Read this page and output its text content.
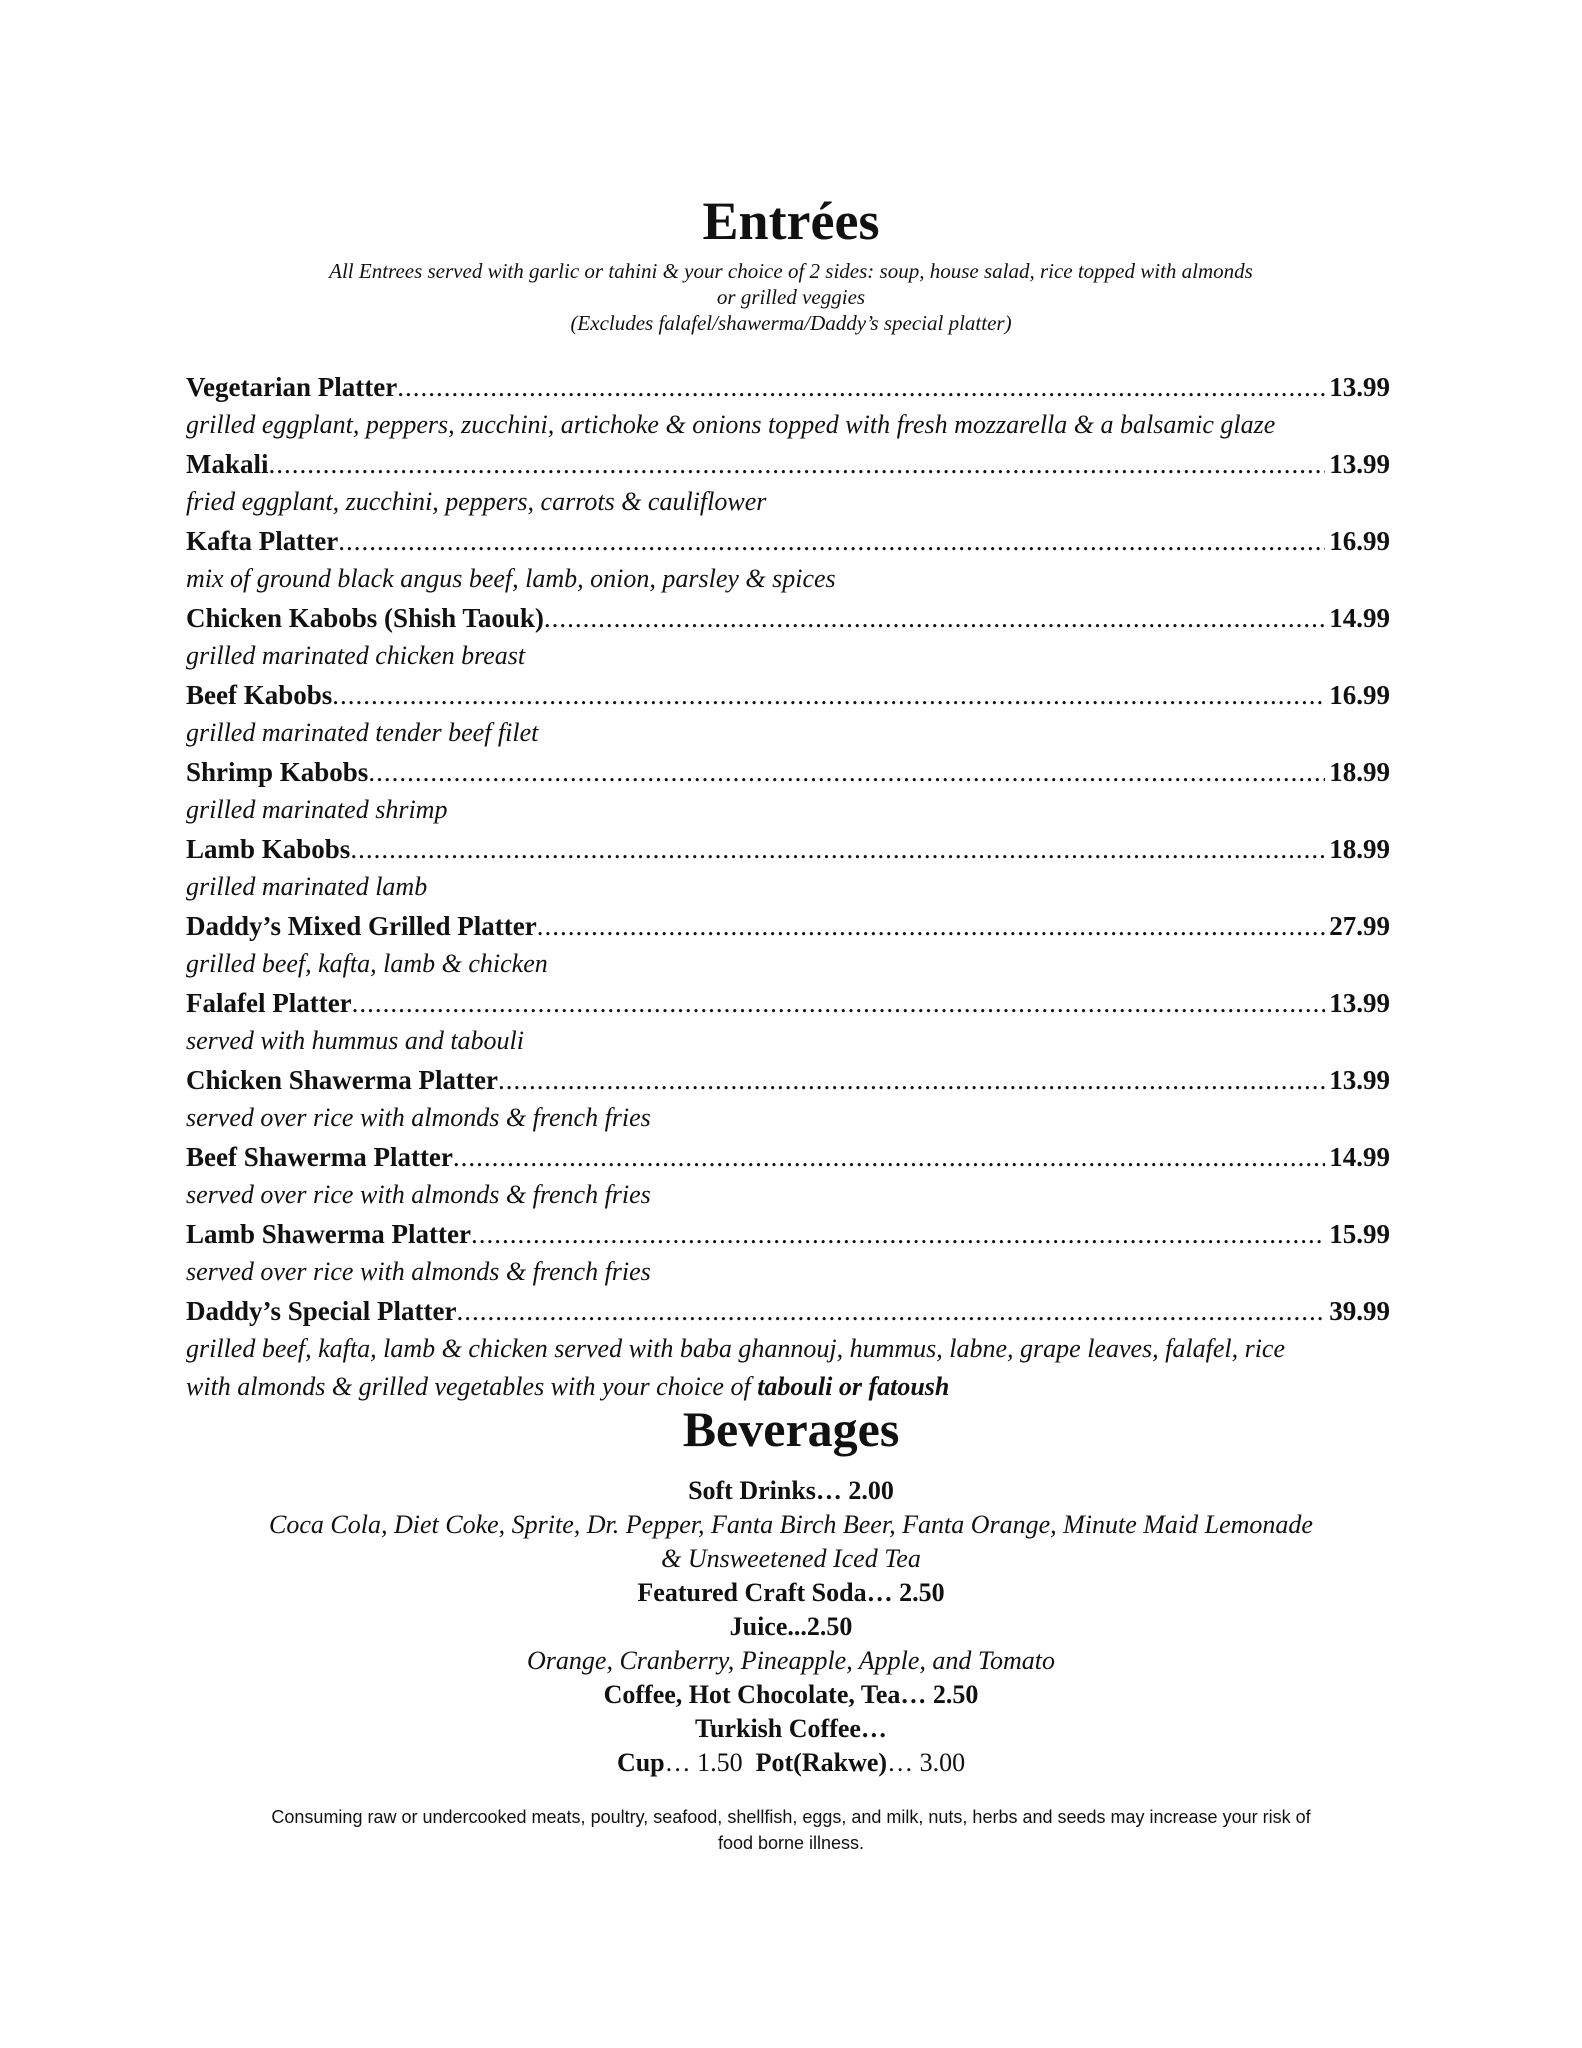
Entrées
All Entrees served with garlic or tahini & your choice of 2 sides: soup, house salad, rice topped with almonds
or grilled veggies
(Excludes falafel/shawerma/Daddy’s special platter)
Vegetarian Platter .....	13.99
grilled eggplant, peppers, zucchini, artichoke & onions topped with fresh mozzarella & a balsamic glaze
Makali .....	13.99
fried eggplant, zucchini, peppers, carrots & cauliflower
Kafta Platter .....	16.99
mix of ground black angus beef, lamb, onion, parsley & spices
Chicken Kabobs (Shish Taouk) .....	14.99
grilled marinated chicken breast
Beef Kabobs .....	16.99
grilled marinated tender beef filet
Shrimp Kabobs .....	18.99
grilled marinated shrimp
Lamb Kabobs .....	18.99
grilled marinated lamb
Daddy’s Mixed Grilled Platter .....	27.99
grilled beef, kafta, lamb & chicken
Falafel Platter .....	13.99
served with hummus and tabouli
Chicken Shawerma Platter .....	13.99
served over rice with almonds & french fries
Beef Shawerma Platter .....	14.99
served over rice with almonds & french fries
Lamb Shawerma Platter .....	15.99
served over rice with almonds & french fries
Daddy’s Special Platter .....	39.99
grilled beef, kafta, lamb & chicken served with baba ghannouj, hummus, labne, grape leaves, falafel, rice
with almonds & grilled vegetables with your choice of tabouli or fatoush
Beverages
Soft Drinks… 2.00
Coca Cola, Diet Coke, Sprite, Dr. Pepper, Fanta Birch Beer, Fanta Orange, Minute Maid Lemonade
& Unsweetened Iced Tea
Featured Craft Soda… 2.50
Juice...2.50
Orange, Cranberry, Pineapple, Apple, and Tomato
Coffee, Hot Chocolate, Tea… 2.50
Turkish Coffee…
Cup… 1.50 Pot(Rakwe)… 3.00
Consuming raw or undercooked meats, poultry, seafood, shellfish, eggs, and milk, nuts, herbs and seeds may increase your risk of
food borne illness.
